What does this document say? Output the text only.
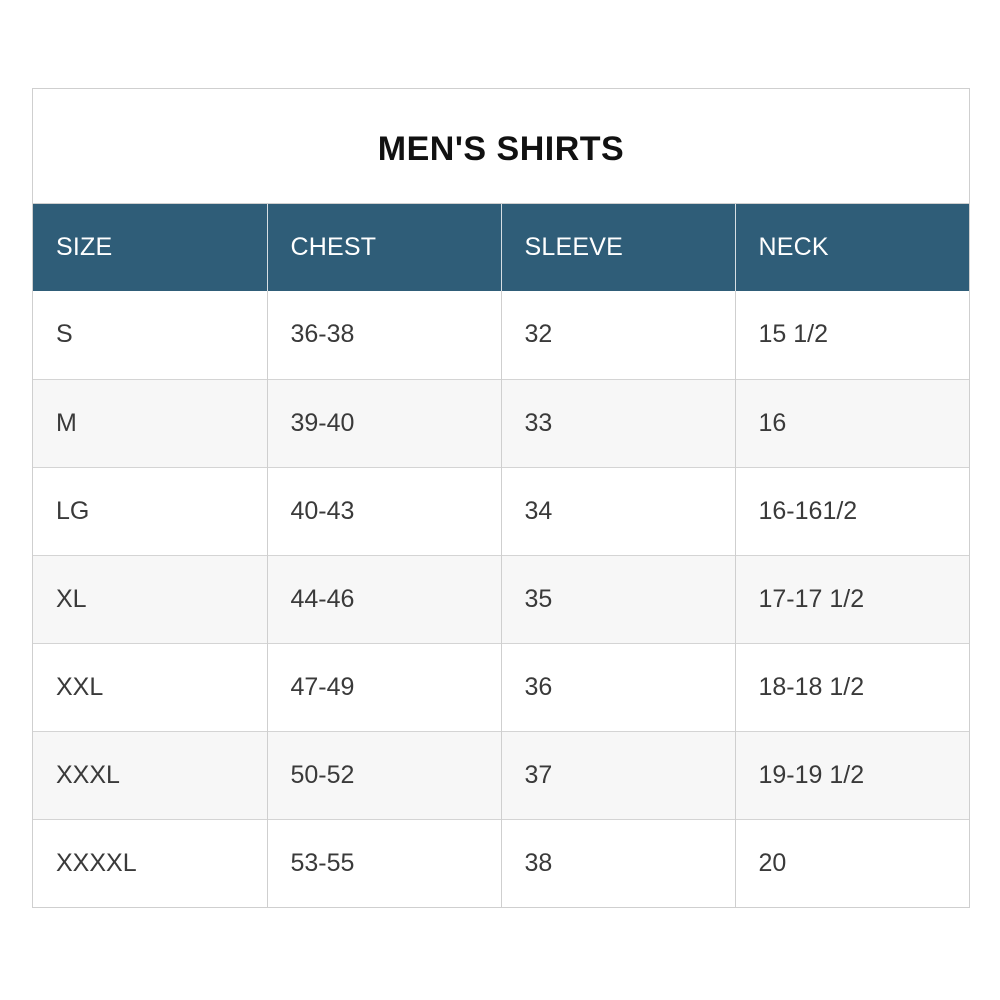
MEN'S SHIRTS
SIZE	CHEST	SLEEVE	NECK
S	36-38	32	15 1/2
M	39-40	33	16
LG	40-43	34	16-161/2
XL	44-46	35	17-17 1/2
XXL	47-49	36	18-18 1/2
XXXL	50-52	37	19-19 1/2
XXXXL	53-55	38	20
